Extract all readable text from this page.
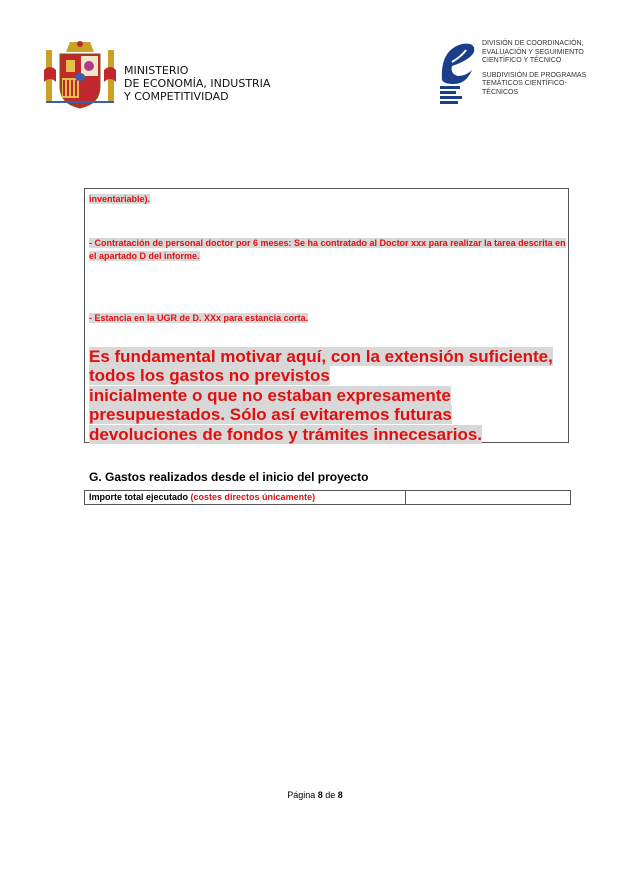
MINISTERIO
DE ECONOMÍA, INDUSTRIA
Y COMPETITIVIDAD
DIVISIÓN DE COORDINACIÓN,
EVALUACIÓN Y SEGUIMIENTO
CIENTÍFICO Y TÉCNICO
SUBDIVISIÓN DE PROGRAMAS
TEMÁTICOS CIENTÍFICO-
TÉCNICOS
inventariable).
- Contratación de personal doctor por 6 meses: Se ha contratado al Doctor xxx para realizar la tarea descrita en el apartado D del informe.
- Estancia en la UGR de D. XXx para estancia corta.
Es fundamental motivar aquí, con la extensión suficiente,
todos los gastos no previstos
inicialmente o que no estaban expresamente
presupuestados. Sólo así evitaremos futuras
devoluciones de fondos y trámites innecesarios.
G. Gastos realizados desde el inicio del proyecto
Importe total ejecutado (costes directos únicamente)
Página 8 de 8
